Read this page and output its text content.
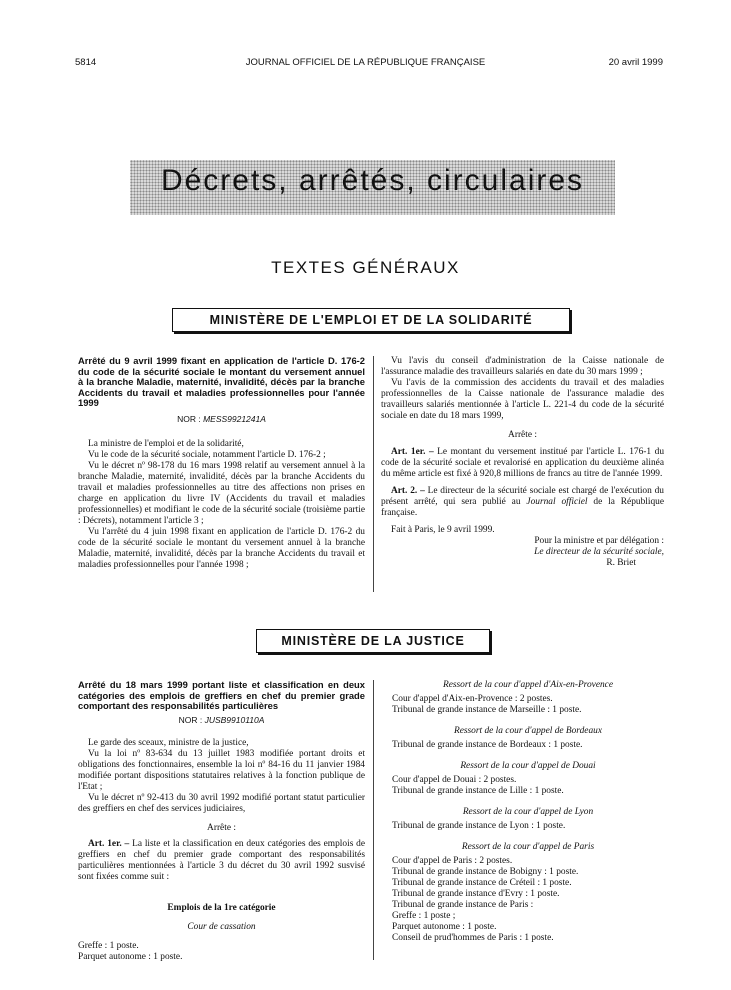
5814	JOURNAL OFFICIEL DE LA RÉPUBLIQUE FRANÇAISE	20 avril 1999
Décrets, arrêtés, circulaires
TEXTES GÉNÉRAUX
MINISTÈRE DE L'EMPLOI ET DE LA SOLIDARITÉ

Arrêté du 9 avril 1999 fixant en application de l'article D. 176-2 du code de la sécurité sociale le montant du versement annuel à la branche Maladie, maternité, invalidité, décès par la branche Accidents du travail et maladies professionnelles pour l'année 1999

NOR : MESS9921241A

La ministre de l'emploi et de la solidarité,

Vu le code de la sécurité sociale, notamment l'article D. 176-2 ;

Vu le décret nº 98-178 du 16 mars 1998 relatif au versement annuel à la branche Maladie, maternité, invalidité, décès par la branche Accidents du travail et maladies professionnelles au titre des affections non prises en charge en application du livre IV (Accidents du travail et maladies professionnelles) et modifiant le code de la sécurité sociale (troisième partie : Décrets), notamment l'article 3 ;

Vu l'arrêté du 4 juin 1998 fixant en application de l'article D. 176-2 du code de la sécurité sociale le montant du versement annuel à la branche Maladie, maternité, invalidité, décès par la branche Accidents du travail et maladies professionnelles pour l'année 1998 ;

Vu l'avis du conseil d'administration de la Caisse nationale de l'assurance maladie des travailleurs salariés en date du 30 mars 1999 ;

Vu l'avis de la commission des accidents du travail et des maladies professionnelles de la Caisse nationale de l'assurance maladie des travailleurs salariés mentionnée à l'article L. 221-4 du code de la sécurité sociale en date du 18 mars 1999,

Arrête :

Art. 1er. – Le montant du versement institué par l'article L. 176-1 du code de la sécurité sociale et revalorisé en application du deuxième alinéa du même article est fixé à 920,8 millions de francs au titre de l'année 1999.

Art. 2. – Le directeur de la sécurité sociale est chargé de l'exécution du présent arrêté, qui sera publié au Journal officiel de la République française.

Fait à Paris, le 9 avril 1999.

Pour la ministre et par délégation :

Le directeur de la sécurité sociale,

R. Briet

MINISTÈRE DE LA JUSTICE

Arrêté du 18 mars 1999 portant liste et classification en deux catégories des emplois de greffiers en chef du premier grade comportant des responsabilités particulières

NOR : JUSB9910110A

Le garde des sceaux, ministre de la justice,

Vu la loi nº 83-634 du 13 juillet 1983 modifiée portant droits et obligations des fonctionnaires, ensemble la loi nº 84-16 du 11 janvier 1984 modifiée portant dispositions statutaires relatives à la fonction publique de l'Etat ;

Vu le décret nº 92-413 du 30 avril 1992 modifié portant statut particulier des greffiers en chef des services judiciaires,

Arrête :

Art. 1er. – La liste et la classification en deux catégories des emplois de greffiers en chef du premier grade comportant des responsabilités particulières mentionnées à l'article 3 du décret du 30 avril 1992 susvisé sont fixées comme suit :

Emplois de la 1re catégorie

Cour de cassation

Greffe : 1 poste.

Parquet autonome : 1 poste.

Ressort de la cour d'appel d'Aix-en-Provence

Cour d'appel d'Aix-en-Provence : 2 postes.

Tribunal de grande instance de Marseille : 1 poste.

Ressort de la cour d'appel de Bordeaux

Tribunal de grande instance de Bordeaux : 1 poste.

Ressort de la cour d'appel de Douai

Cour d'appel de Douai : 2 postes.

Tribunal de grande instance de Lille : 1 poste.

Ressort de la cour d'appel de Lyon

Tribunal de grande instance de Lyon : 1 poste.

Ressort de la cour d'appel de Paris

Cour d'appel de Paris : 2 postes.

Tribunal de grande instance de Bobigny : 1 poste.

Tribunal de grande instance de Créteil : 1 poste.

Tribunal de grande instance d'Evry : 1 poste.

Tribunal de grande instance de Paris :

Greffe : 1 poste ;

Parquet autonome : 1 poste.

Conseil de prud'hommes de Paris : 1 poste.
